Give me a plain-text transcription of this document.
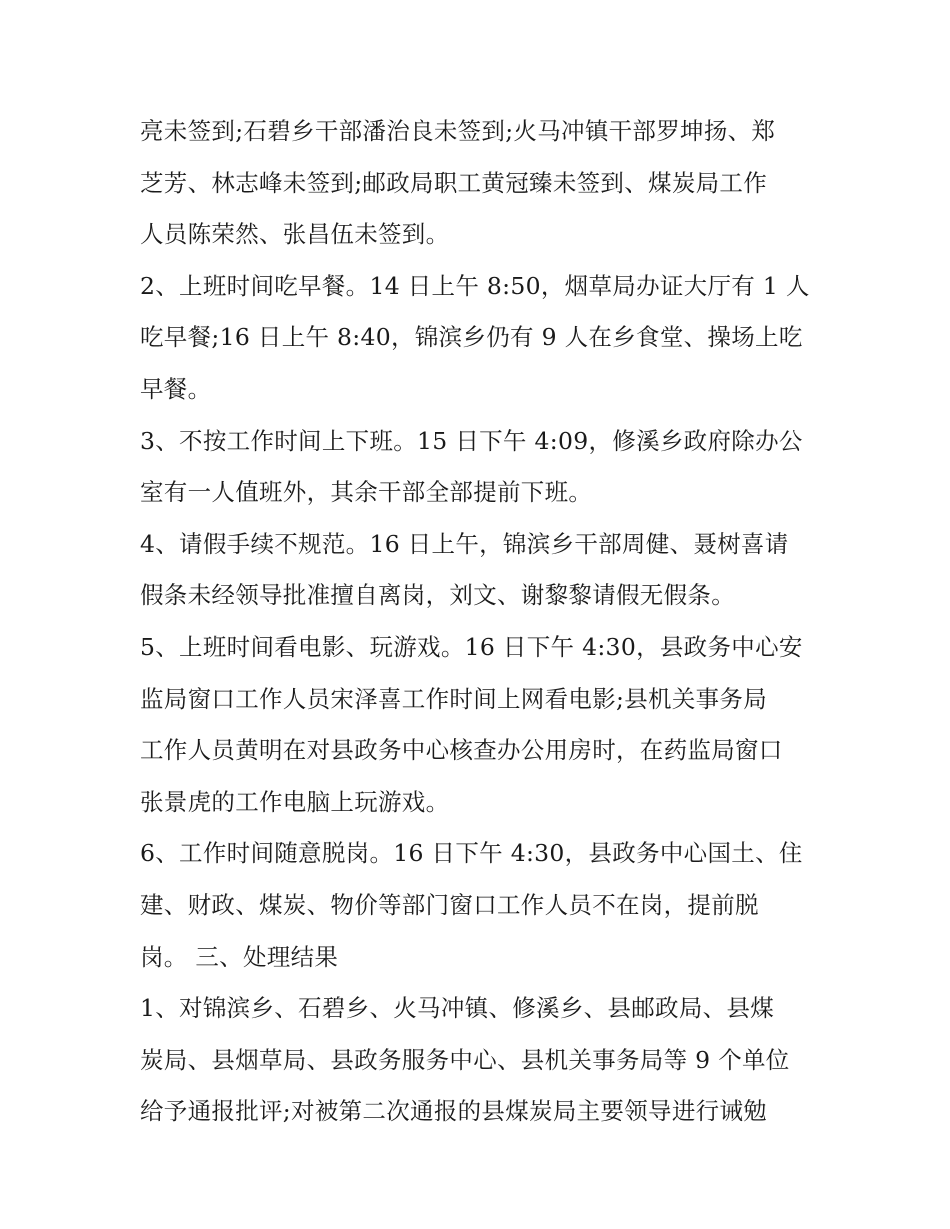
亮未签到;石碧乡干部潘治良未签到;火马冲镇干部罗坤扬、郑
芝芳、林志峰未签到;邮政局职工黄冠臻未签到、煤炭局工作
人员陈荣然、张昌伍未签到。
2、上班时间吃早餐。14 日上午 8:50，烟草局办证大厅有 1 人
吃早餐;16 日上午 8:40，锦滨乡仍有 9 人在乡食堂、操场上吃
早餐。
3、不按工作时间上下班。15 日下午 4:09，修溪乡政府除办公
室有一人值班外，其余干部全部提前下班。
4、请假手续不规范。16 日上午，锦滨乡干部周健、聂树喜请
假条未经领导批准擅自离岗，刘文、谢黎黎请假无假条。
5、上班时间看电影、玩游戏。16 日下午 4:30，县政务中心安
监局窗口工作人员宋泽喜工作时间上网看电影;县机关事务局
工作人员黄明在对县政务中心核查办公用房时，在药监局窗口
张景虎的工作电脑上玩游戏。
6、工作时间随意脱岗。16 日下午 4:30，县政务中心国土、住
建、财政、煤炭、物价等部门窗口工作人员不在岗，提前脱
岗。 三、处理结果
1、对锦滨乡、石碧乡、火马冲镇、修溪乡、县邮政局、县煤
炭局、县烟草局、县政务服务中心、县机关事务局等 9 个单位
给予通报批评;对被第二次通报的县煤炭局主要领导进行诫勉
